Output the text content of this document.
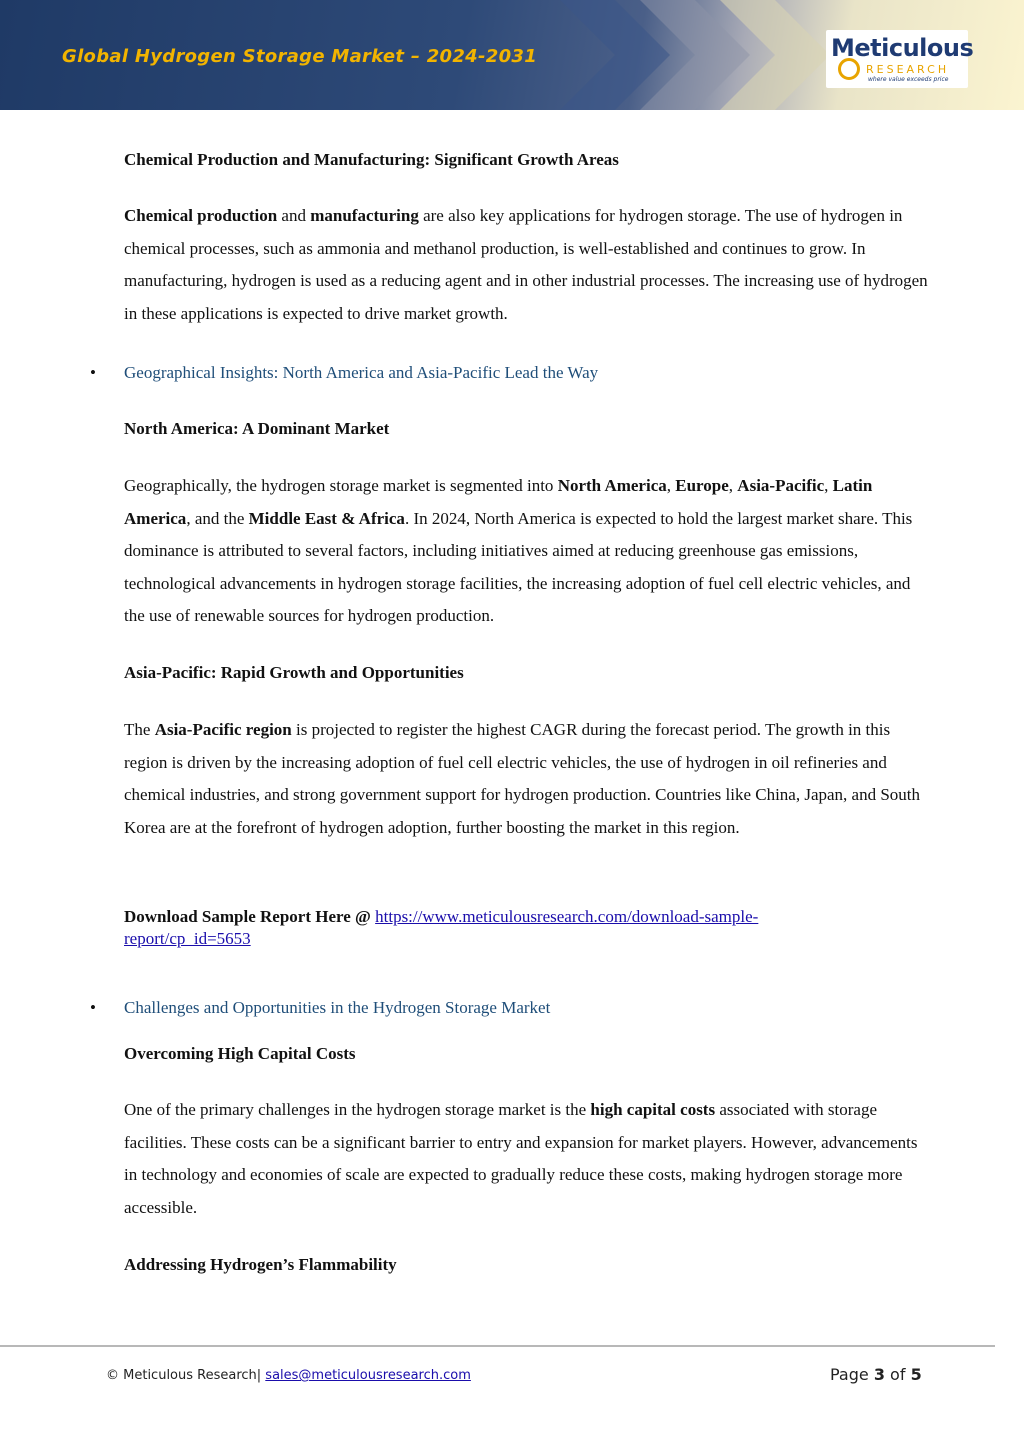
Global Hydrogen Storage Market – 2024-2031	Meticulous
RESEARCH
where value exceeds price
Chemical Production and Manufacturing: Significant Growth Areas
Chemical production and manufacturing are also key applications for hydrogen storage. The use of hydrogen in chemical processes, such as ammonia and methanol production, is well-established and continues to grow. In manufacturing, hydrogen is used as a reducing agent and in other industrial processes. The increasing use of hydrogen in these applications is expected to drive market growth.
• Geographical Insights: North America and Asia-Pacific Lead the Way
North America: A Dominant Market
Geographically, the hydrogen storage market is segmented into North America, Europe, Asia-Pacific, Latin America, and the Middle East & Africa. In 2024, North America is expected to hold the largest market share. This dominance is attributed to several factors, including initiatives aimed at reducing greenhouse gas emissions, technological advancements in hydrogen storage facilities, the increasing adoption of fuel cell electric vehicles, and the use of renewable sources for hydrogen production.
Asia-Pacific: Rapid Growth and Opportunities
The Asia-Pacific region is projected to register the highest CAGR during the forecast period. The growth in this region is driven by the increasing adoption of fuel cell electric vehicles, the use of hydrogen in oil refineries and chemical industries, and strong government support for hydrogen production. Countries like China, Japan, and South Korea are at the forefront of hydrogen adoption, further boosting the market in this region.
Download Sample Report Here @ https://www.meticulousresearch.com/download-sample-report/cp_id=5653
• Challenges and Opportunities in the Hydrogen Storage Market
Overcoming High Capital Costs
One of the primary challenges in the hydrogen storage market is the high capital costs associated with storage facilities. These costs can be a significant barrier to entry and expansion for market players. However, advancements in technology and economies of scale are expected to gradually reduce these costs, making hydrogen storage more accessible.
Addressing Hydrogen’s Flammability
© Meticulous Research| sales@meticulousresearch.com	Page 3 of 5
